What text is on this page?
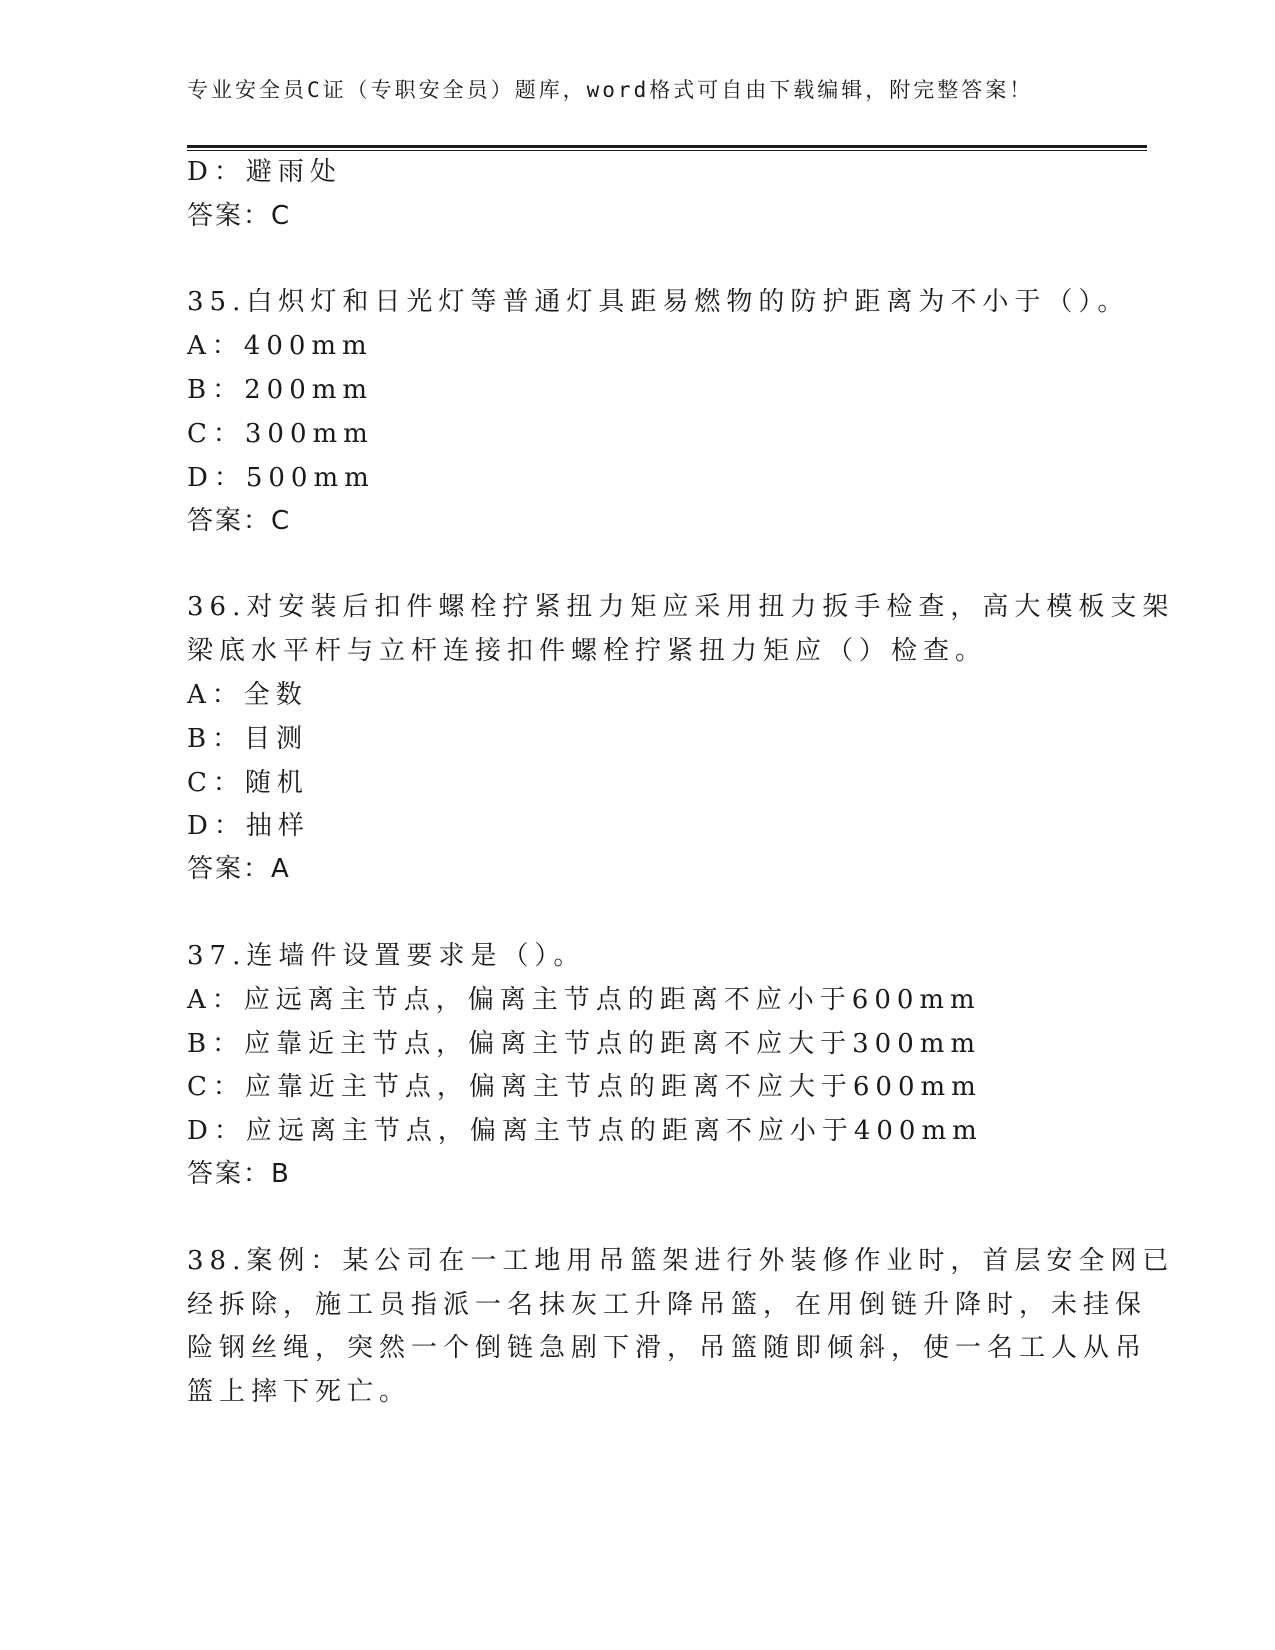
专业安全员C证（专职安全员）题库，word格式可自由下载编辑，附完整答案！
D：避雨处
答案：C
35.白炽灯和日光灯等普通灯具距易燃物的防护距离为不小于（）。
A：400mm
B：200mm
C：300mm
D：500mm
答案：C
36.对安装后扣件螺栓拧紧扭力矩应采用扭力扳手检查，高大模板支架
梁底水平杆与立杆连接扣件螺栓拧紧扭力矩应（）检查。
A：全数
B：目测
C：随机
D：抽样
答案：A
37.连墙件设置要求是（）。
A：应远离主节点，偏离主节点的距离不应小于600mm
B：应靠近主节点，偏离主节点的距离不应大于300mm
C：应靠近主节点，偏离主节点的距离不应大于600mm
D：应远离主节点，偏离主节点的距离不应小于400mm
答案：B
38.案例：某公司在一工地用吊篮架进行外装修作业时，首层安全网已
经拆除，施工员指派一名抹灰工升降吊篮，在用倒链升降时，未挂保
险钢丝绳，突然一个倒链急剧下滑，吊篮随即倾斜，使一名工人从吊
篮上摔下死亡。
